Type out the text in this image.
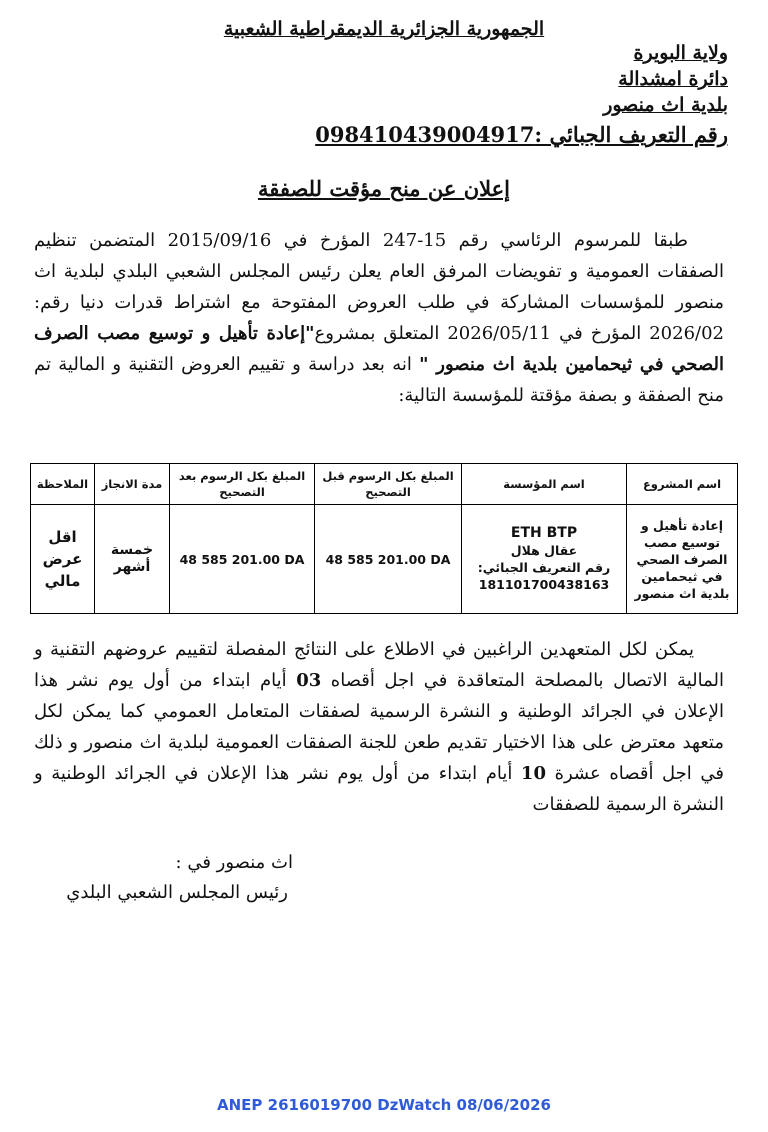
الجمهورية الجزائرية الديمقراطية الشعبية
ولاية البويرة
دائرة امشدالة
بلدية اث منصور
رقم التعريف الجبائي :098410439004917
إعلان عن منح مؤقت للصفقة
طبقا للمرسوم الرئاسي رقم 15-247 المؤرخ في 2015/09/16 المتضمن تنظيم الصفقات العمومية و تفويضات المرفق العام يعلن رئيس المجلس الشعبي البلدي لبلدية اث منصور للمؤسسات المشاركة في طلب العروض المفتوحة مع اشتراط قدرات دنيا رقم: 2026/02 المؤرخ في 2026/05/11 المتعلق بمشروع"إعادة تأهيل و توسيع مصب الصرف الصحي في ثيحمامين بلدية اث منصور " انه بعد دراسة و تقييم العروض التقنية و المالية تم منح الصفقة و بصفة مؤقتة للمؤسسة التالية:
اسم المشروع	اسم المؤسسة	المبلغ بكل الرسوم قبل التصحيح	المبلغ بكل الرسوم بعد التصحيح	مدة الانجاز	الملاحظة
إعادة تأهيل و توسيع مصب الصرف الصحي في ثيحمامين بلدية اث منصور	ETH BTP
عقال هلال
رقم التعريف الجبائي:
181101700438163	48 585 201.00 DA	48 585 201.00 DA	خمسة أشهر	اقل عرض مالي
يمكن لكل المتعهدين الراغبين في الاطلاع على النتائج المفصلة لتقييم عروضهم التقنية و المالية الاتصال بالمصلحة المتعاقدة في اجل أقصاه 03 أيام ابتداء من أول يوم نشر هذا الإعلان في الجرائد الوطنية و النشرة الرسمية لصفقات المتعامل العمومي كما يمكن لكل متعهد معترض على هذا الاختيار تقديم طعن للجنة الصفقات العمومية لبلدية اث منصور و ذلك في اجل أقصاه عشرة 10 أيام ابتداء من أول يوم نشر هذا الإعلان في الجرائد الوطنية و النشرة الرسمية للصفقات
اث منصور في :
رئيس المجلس الشعبي البلدي
ANEP 2616019700 DzWatch 08/06/2026
